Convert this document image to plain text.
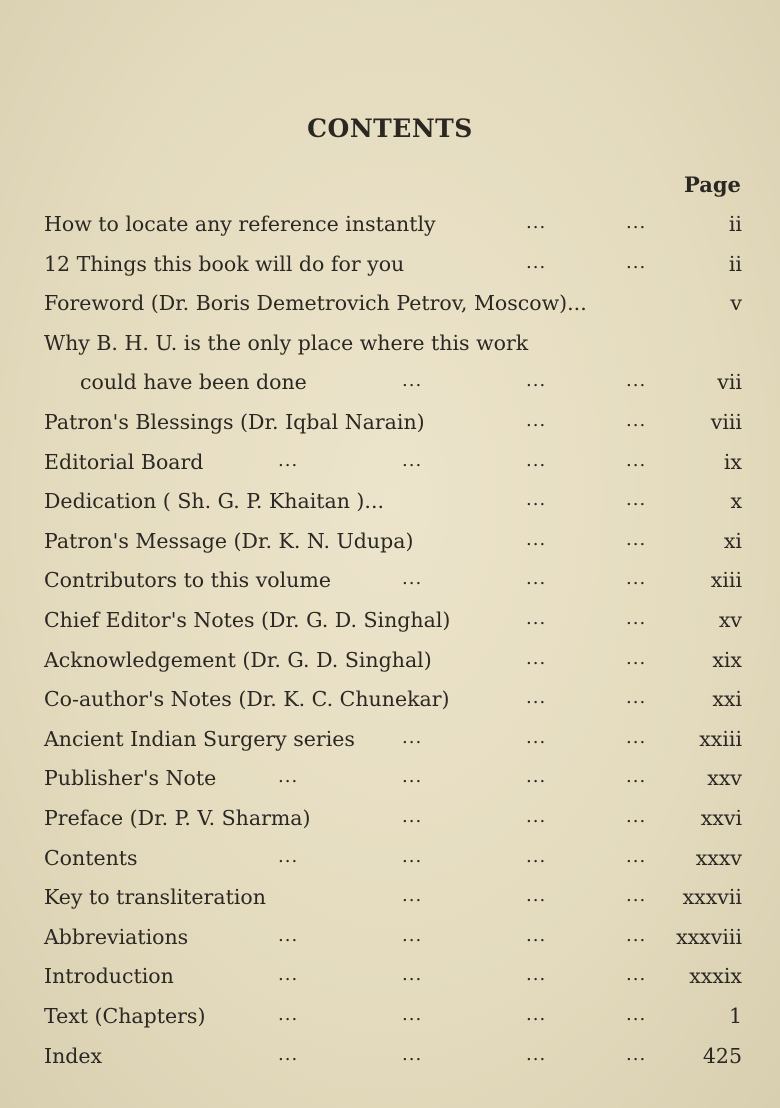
CONTENTS
Page
How to locate any reference instantly	...	...	ii
12 Things this book will do for you	...	...	ii
Foreword (Dr. Boris Demetrovich Petrov, Moscow)...	v
Why B. H. U. is the only place where this work
could have been done	...	...	...	vii
Patron's Blessings (Dr. Iqbal Narain)	...	...	viii
Editorial Board	...	...	...	...	ix
Dedication ( Sh. G. P. Khaitan )...	...	...	x
Patron's Message (Dr. K. N. Udupa)	...	...	xi
Contributors to this volume	...	...	...	xiii
Chief Editor's Notes (Dr. G. D. Singhal)	...	...	xv
Acknowledgement (Dr. G. D. Singhal)	...	...	xix
Co-author's Notes (Dr. K. C. Chunekar)	...	...	xxi
Ancient Indian Surgery series	...	...	...	xxiii
Publisher's Note	...	...	...	...	xxv
Preface (Dr. P. V. Sharma)	...	...	...	xxvi
Contents	...	...	...	... xxxv
Key to transliteration	...	...	... xxxvii
Abbreviations	...	...	...	... xxxviii
Introduction	...	...	...	... xxxix
Text (Chapters)	...	...	...	...	1
Index	...	...	...	...	425
